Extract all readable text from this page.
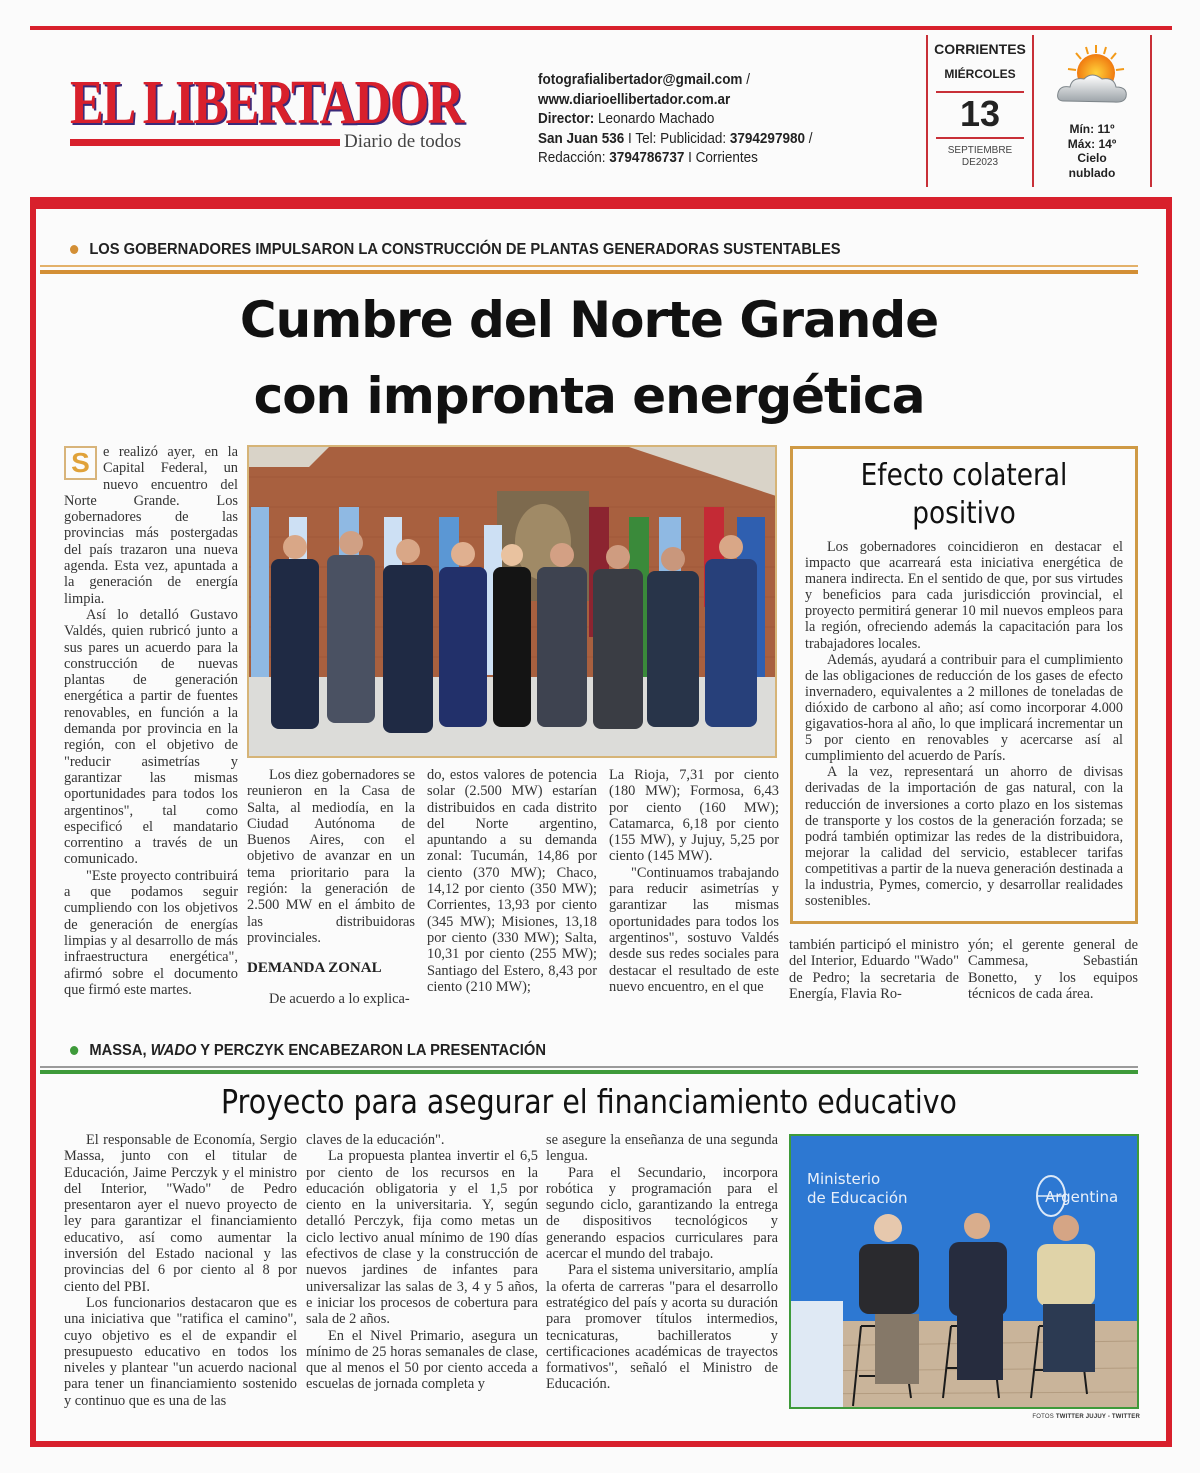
EL LIBERTADOR
Diario de todos
fotografialibertador@gmail.com /
www.diarioellibertador.com.ar
Director: Leonardo Machado
San Juan 536 I Tel: Publicidad: 3794297980 /
Redacción: 3794786737 I Corrientes
CORRIENTES
MIÉRCOLES
13
SEPTIEMBRE
DE2023
Mín: 11º
Máx: 14º
Cielo
nublado
LOS GOBERNADORES IMPULSARON LA CONSTRUCCIÓN DE PLANTAS GENERADORAS SUSTENTABLES
Cumbre del Norte Grande
con impronta energética
S e realizó ayer, en la Capital Federal, un nuevo encuentro del Norte Grande. Los gobernadores de las provincias más postergadas del país trazaron una nueva agenda. Esta vez, apuntada a la generación de energía limpia.

Así lo detalló Gustavo Valdés, quien rubricó junto a sus pares un acuerdo para la construcción de nuevas plantas de generación energética a partir de fuentes renovables, en función a la demanda por provincia en la región, con el objetivo de "reducir asimetrías y garantizar las mismas oportunidades para todos los argentinos", tal como especificó el mandatario correntino a través de un comunicado.

"Este proyecto contribuirá a que podamos seguir cumpliendo con los objetivos de generación de energías limpias y al desarrollo de más infraestructura energética", afirmó sobre el documento que firmó este martes.

Los diez gobernadores se reunieron en la Casa de Salta, al mediodía, en la Ciudad Autónoma de Buenos Aires, con el objetivo de avanzar en un tema prioritario para la región: la generación de 2.500 MW en el ámbito de las distribuidoras provinciales.

DEMANDA ZONAL

De acuerdo a lo explica-

do, estos valores de potencia solar (2.500 MW) estarían distribuidos en cada distrito del Norte argentino, apuntando a su demanda zonal: Tucumán, 14,86 por ciento (370 MW); Chaco, 14,12 por ciento (350 MW); Corrientes, 13,93 por ciento (345 MW); Misiones, 13,18 por ciento (330 MW); Salta, 10,31 por ciento (255 MW); Santiago del Estero, 8,43 por ciento (210 MW);

La Rioja, 7,31 por ciento (180 MW); Formosa, 6,43 por ciento (160 MW); Catamarca, 6,18 por ciento (155 MW), y Jujuy, 5,25 por ciento (145 MW).

"Continuamos trabajando para reducir asimetrías y garantizar las mismas oportunidades para todos los argentinos", sostuvo Valdés desde sus redes sociales para destacar el resultado de este nuevo encuentro, en el que

Efecto colateral
positivo

Los gobernadores coincidieron en destacar el impacto que acarreará esta iniciativa energética de manera indirecta. En el sentido de que, por sus virtudes y beneficios para cada jurisdicción provincial, el proyecto permitirá generar 10 mil nuevos empleos para la región, ofreciendo además la capacitación para los trabajadores locales.

Además, ayudará a contribuir para el cumplimiento de las obligaciones de reducción de los gases de efecto invernadero, equivalentes a 2 millones de toneladas de dióxido de carbono al año; así como incorporar 4.000 gigavatios-hora al año, lo que implicará incrementar un 5 por ciento en renovables y acercarse así al cumplimiento del acuerdo de París.

A la vez, representará un ahorro de divisas derivadas de la importación de gas natural, con la reducción de inversiones a corto plazo en los sistemas de transporte y los costos de la generación forzada; se podrá también optimizar las redes de la distribuidora, mejorar la calidad del servicio, establecer tarifas competitivas a partir de la nueva generación destinada a la industria, Pymes, comercio, y desarrollar realidades sostenibles.

también participó el ministro del Interior, Eduardo "Wado" de Pedro; la secretaria de Energía, Flavia Ro-

yón; el gerente general de Cammesa, Sebastián Bonetto, y los equipos técnicos de cada área.

MASSA, WADO Y PERCZYK ENCABEZARON LA PRESENTACIÓN
Proyecto para asegurar el financiamiento educativo

El responsable de Economía, Sergio Massa, junto con el titular de Educación, Jaime Perczyk y el ministro del Interior, "Wado" de Pedro presentaron ayer el nuevo proyecto de ley para garantizar el financiamiento educativo, así como aumentar la inversión del Estado nacional y las provincias del 6 por ciento al 8 por ciento del PBI.

Los funcionarios destacaron que es una iniciativa que "ratifica el camino", cuyo objetivo es el de expandir el presupuesto educativo en todos los niveles y plantear "un acuerdo nacional para tener un financiamiento sostenido y continuo que es una de las

claves de la educación".

La propuesta plantea invertir el 6,5 por ciento de los recursos en la educación obligatoria y el 1,5 por ciento en la universitaria. Y, según detalló Perczyk, fija como metas un ciclo lectivo anual mínimo de 190 días efectivos de clase y la construcción de nuevos jardines de infantes para universalizar las salas de 3, 4 y 5 años, e iniciar los procesos de cobertura para sala de 2 años.

En el Nivel Primario, asegura un mínimo de 25 horas semanales de clase, que al menos el 50 por ciento acceda a escuelas de jornada completa y

se asegure la enseñanza de una segunda lengua.

Para el Secundario, incorpora robótica y programación para el segundo ciclo, garantizando la entrega de dispositivos tecnológicos y generando espacios curriculares para acercar el mundo del trabajo.

Para el sistema universitario, amplía la oferta de carreras "para el desarrollo estratégico del país y acorta su duración para promover títulos intermedios, tecnicaturas, bachilleratos y certificaciones académicas de trayectos formativos", señaló el Ministro de Educación.

Ministerio
de Educación	Argentina
FOTOS TWITTER JUJUY - TWITTER
